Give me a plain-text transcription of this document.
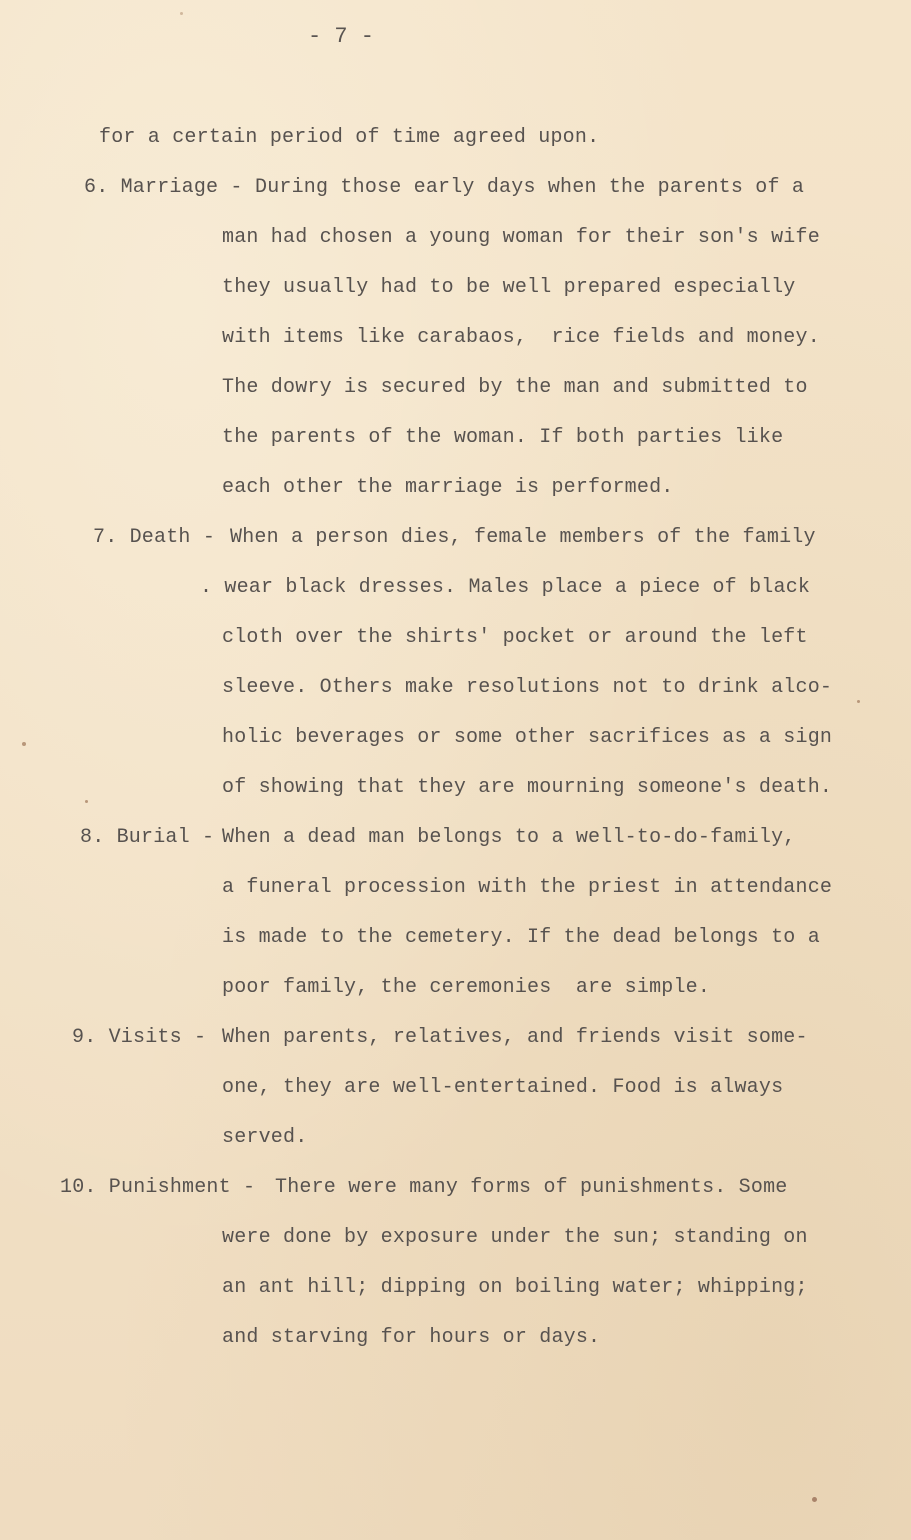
- 7 -
for a certain period of time agreed upon.
6. Marriage - During those early days when the parents of a
man had chosen a young woman for their son's wife
they usually had to be well prepared especially
with items like carabaos,  rice fields and money.
The dowry is secured by the man and submitted to
the parents of the woman. If both parties like
each other the marriage is performed.
7. Death - When a person dies, female members of the family
. wear black dresses. Males place a piece of black
cloth over the shirts' pocket or around the left
sleeve. Others make resolutions not to drink alco-
holic beverages or some other sacrifices as a sign
of showing that they are mourning someone's death.
8. Burial -
When a dead man belongs to a well-to-do-family,
a funeral procession with the priest in attendance
is made to the cemetery. If the dead belongs to a
poor family, the ceremonies  are simple.
9. Visits - When parents, relatives, and friends visit some-
one, they are well-entertained. Food is always
served.
10. Punishment - There were many forms of punishments. Some
were done by exposure under the sun; standing on
an ant hill; dipping on boiling water; whipping;
and starving for hours or days.
